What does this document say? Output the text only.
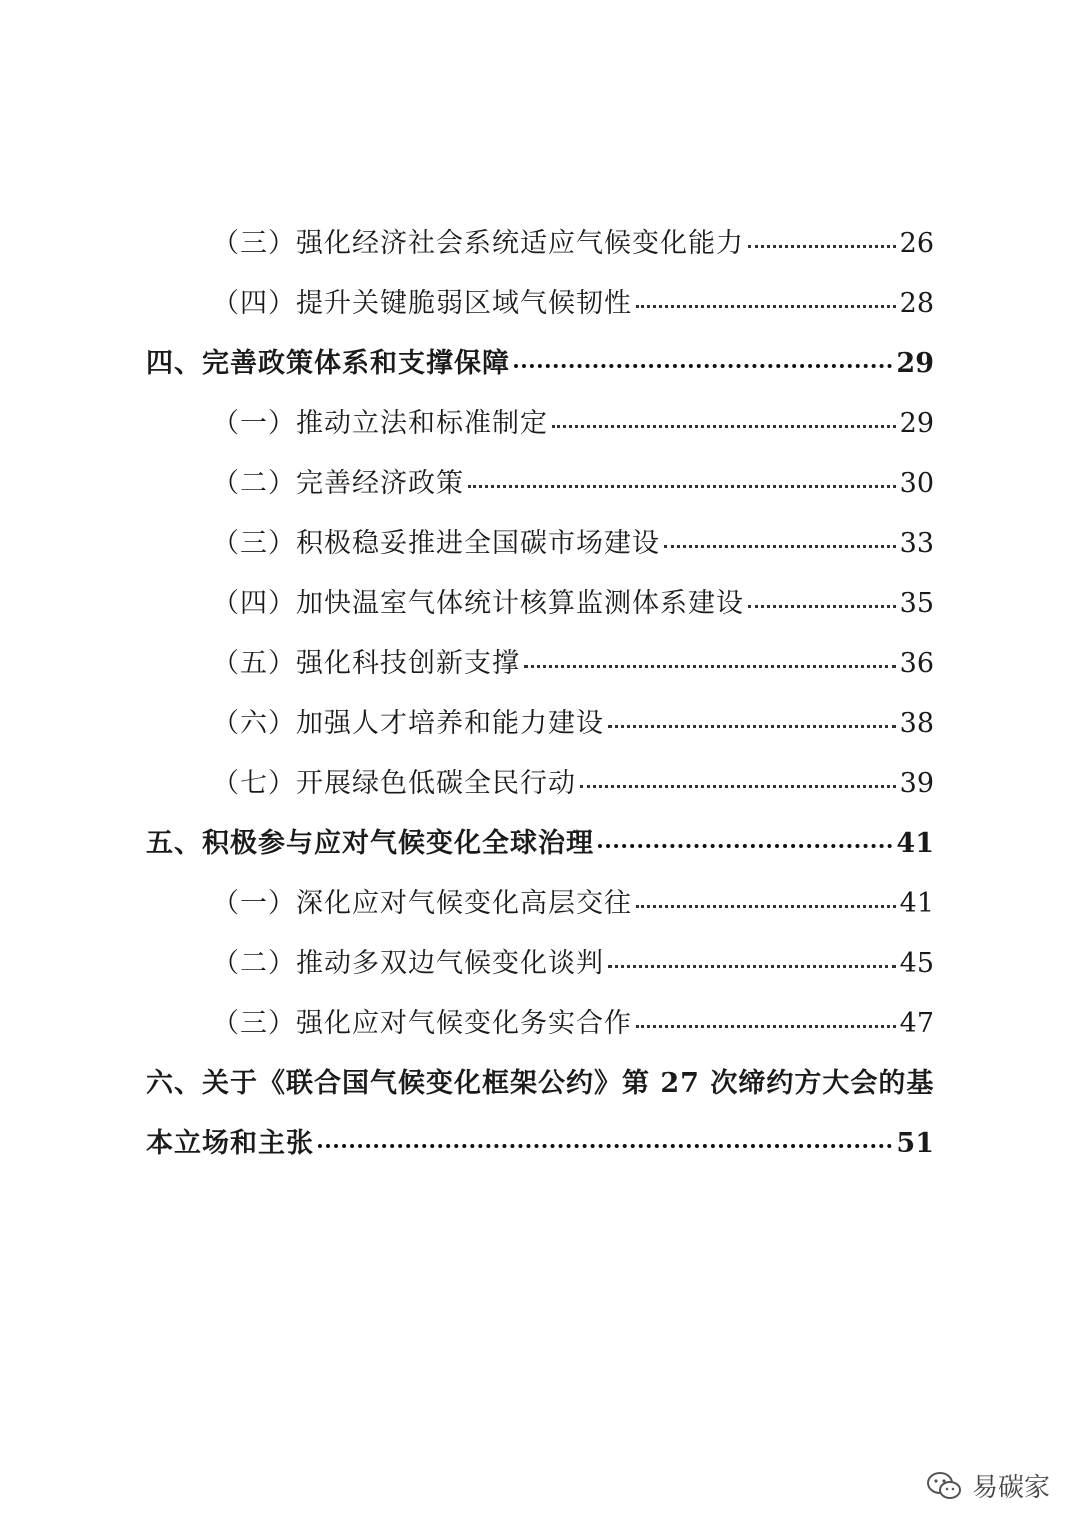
（三）强化经济社会系统适应气候变化能力	26
（四）提升关键脆弱区域气候韧性	28
四、完善政策体系和支撑保障	29
（一）推动立法和标准制定	29
（二）完善经济政策	30
（三）积极稳妥推进全国碳市场建设	33
（四）加快温室气体统计核算监测体系建设	35
（五）强化科技创新支撑	36
（六）加强人才培养和能力建设	38
（七）开展绿色低碳全民行动	39
五、积极参与应对气候变化全球治理	41
（一）深化应对气候变化高层交往	41
（二）推动多双边气候变化谈判	45
（三）强化应对气候变化务实合作	47
六、关于《联合国气候变化框架公约》第 27 次缔约方大会的基
本立场和主张	51
易碳家
